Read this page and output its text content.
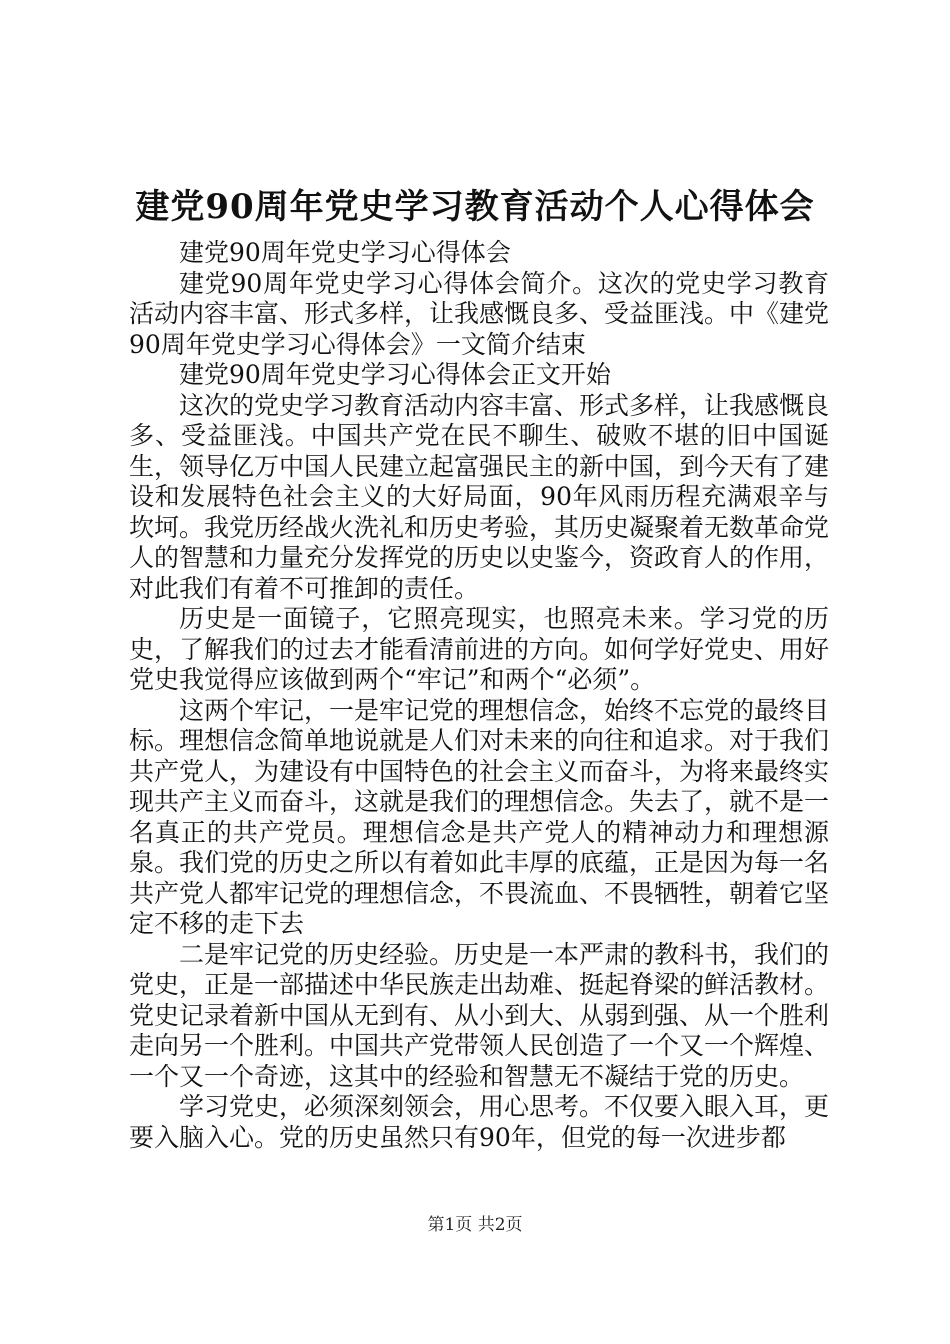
建党90周年党史学习教育活动个人心得体会

建党90周年党史学习心得体会

建党90周年党史学习心得体会简介。这次的党史学习教育活动内容丰富、形式多样，让我感慨良多、受益匪浅。中《建党90周年党史学习心得体会》一文简介结束

建党90周年党史学习心得体会正文开始

这次的党史学习教育活动内容丰富、形式多样，让我感慨良多、受益匪浅。中国共产党在民不聊生、破败不堪的旧中国诞生，领导亿万中国人民建立起富强民主的新中国，到今天有了建设和发展特色社会主义的大好局面，90年风雨历程充满艰辛与坎坷。我党历经战火洗礼和历史考验，其历史凝聚着无数革命党人的智慧和力量充分发挥党的历史以史鉴今，资政育人的作用，对此我们有着不可推卸的责任。

历史是一面镜子，它照亮现实，也照亮未来。学习党的历史，了解我们的过去才能看清前进的方向。如何学好党史、用好党史我觉得应该做到两个“牢记”和两个“必须”。

这两个牢记，一是牢记党的理想信念，始终不忘党的最终目标。理想信念简单地说就是人们对未来的向往和追求。对于我们共产党人，为建设有中国特色的社会主义而奋斗，为将来最终实现共产主义而奋斗，这就是我们的理想信念。失去了，就不是一名真正的共产党员。理想信念是共产党人的精神动力和理想源泉。我们党的历史之所以有着如此丰厚的底蕴，正是因为每一名共产党人都牢记党的理想信念，不畏流血、不畏牺牲，朝着它坚定不移的走下去

二是牢记党的历史经验。历史是一本严肃的教科书，我们的党史，正是一部描述中华民族走出劫难、挺起脊梁的鲜活教材。党史记录着新中国从无到有、从小到大、从弱到强、从一个胜利走向另一个胜利。中国共产党带领人民创造了一个又一个辉煌、一个又一个奇迹，这其中的经验和智慧无不凝结于党的历史。

学习党史，必须深刻领会，用心思考。不仅要入眼入耳，更要入脑入心。党的历史虽然只有90年，但党的每一次进步都

第1页 共2页
